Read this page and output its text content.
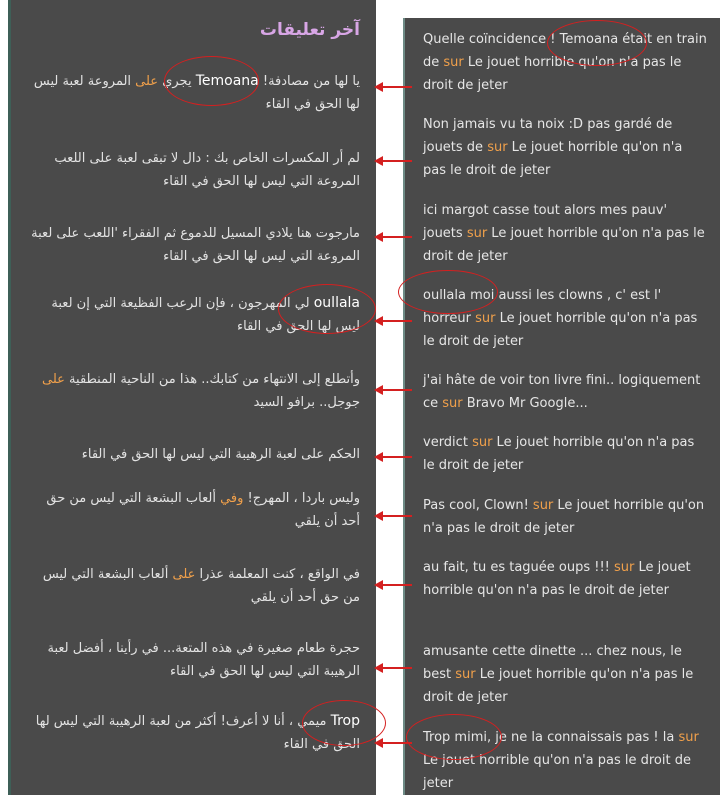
آخر تعليقات
يا لها من مصادفة! Temoana يجري على المروعة لعبة ليس لها الحق في القاء
لم أر المكسرات الخاص بك : دال لا تبقى لعبة على اللعب المروعة التي ليس لها الحق في القاء
مارجوت هنا يلادي المسيل للدموع ثم الفقراء 'اللعب على لعبة المروعة التي ليس لها الحق في القاء
oullala لي المهرجون ، فإن الرعب الفظيعة التي إن لعبة ليس لها الحق في القاء
وأتطلع إلى الانتهاء من كتابك.. هذا من الناحية المنطقية على جوجل.. برافو السيد
الحكم على لعبة الرهيبة التي ليس لها الحق في القاء
وليس باردا ، المهرج! وفي ألعاب البشعة التي ليس من حق أحد أن يلقي
في الواقع ، كنت المعلمة عذرا على ألعاب البشعة التي ليس من حق أحد أن يلقي
حجرة طعام صغيرة في هذه المتعة... في رأينا ، أفضل لعبة الرهيبة التي ليس لها الحق في القاء
Trop ميمي ، أنا لا أعرف! أكثر من لعبة الرهيبة التي ليس لها الحق في القاء
Quelle coïncidence ! Temoana était en train de sur Le jouet horrible qu'on n'a pas le droit de jeter
Non jamais vu ta noix :D pas gardé de jouets de sur Le jouet horrible qu'on n'a pas le droit de jeter
ici margot casse tout alors mes pauv' jouets sur Le jouet horrible qu'on n'a pas le droit de jeter
oullala moi aussi les clowns , c' est l' horreur sur Le jouet horrible qu'on n'a pas le droit de jeter
j'ai hâte de voir ton livre fini.. logiquement ce sur Bravo Mr Google...
verdict sur Le jouet horrible qu'on n'a pas le droit de jeter
Pas cool, Clown! sur Le jouet horrible qu'on n'a pas le droit de jeter
au fait, tu es taguée oups !!! sur Le jouet horrible qu'on n'a pas le droit de jeter
amusante cette dinette ... chez nous, le best sur Le jouet horrible qu'on n'a pas le droit de jeter
Trop mimi, je ne la connaissais pas ! la sur Le jouet horrible qu'on n'a pas le droit de jeter
